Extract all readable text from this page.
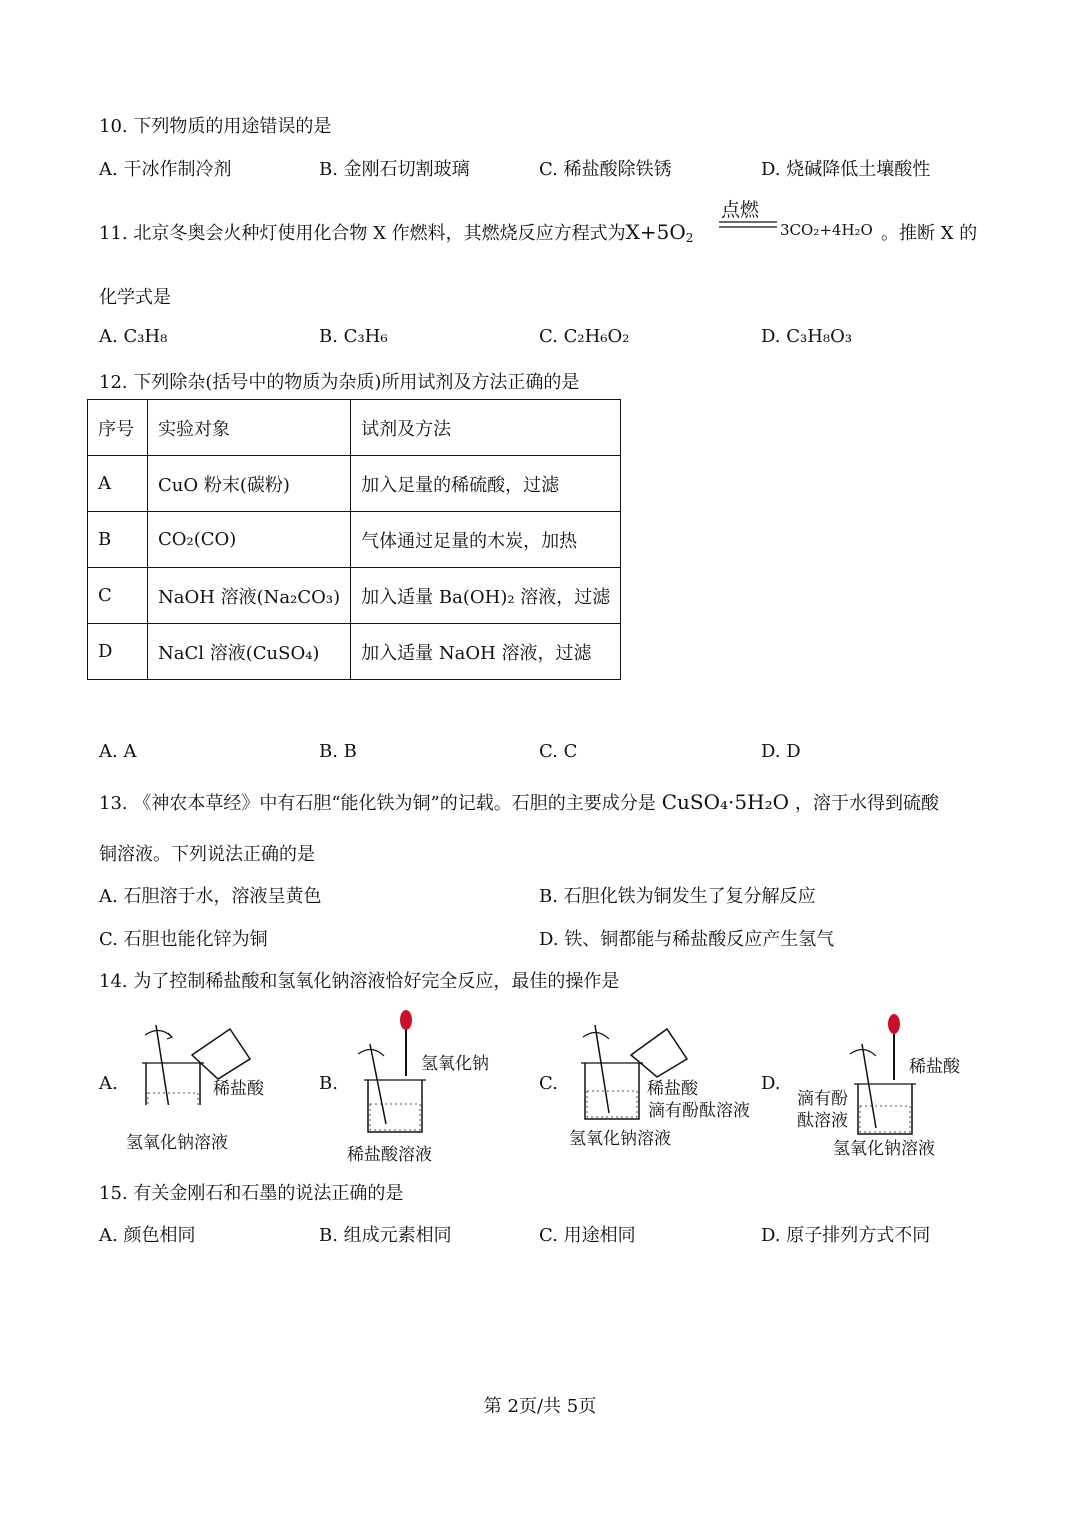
10. 下列物质的用途错误的是
A. 干冰作制冷剂	B. 金刚石切割玻璃	C. 稀盐酸除铁锈	D. 烧碱降低土壤酸性
11. 北京冬奥会火种灯使用化合物 X 作燃料，其燃烧反应方程式为$X+5O_2$
点燃
3CO₂+4H₂O 。推断 X 的
化学式是
A. C₃H₈	B. C₃H₆	C. C₂H₆O₂	D. C₃H₈O₃
12. 下列除杂(括号中的物质为杂质)所用试剂及方法正确的是
序号	实验对象	试剂及方法
A	CuO 粉末(碳粉)	加入足量的稀硫酸，过滤
B	CO₂(CO)	气体通过足量的木炭，加热
C	NaOH 溶液(Na₂CO₃)	加入适量 Ba(OH)₂ 溶液，过滤
D	NaCl 溶液(CuSO₄)	加入适量 NaOH 溶液，过滤
A. A	B. B	C. C	D. D
13. 《神农本草经》中有石胆“能化铁为铜”的记载。石胆的主要成分是 CuSO₄·5H₂O ，溶于水得到硫酸
铜溶液。下列说法正确的是
A. 石胆溶于水，溶液呈黄色	B. 石胆化铁为铜发生了复分解反应
C. 石胆也能化锌为铜	D. 铁、铜都能与稀盐酸反应产生氢气
14. 为了控制稀盐酸和氢氧化钠溶液恰好完全反应，最佳的操作是
A.	稀盐酸
氢氧化钠溶液
B.
氢氧化钠
稀盐酸溶液
C.	稀盐酸
滴有酚酞溶液
氢氧化钠溶液
D.
稀盐酸
滴有酚
酞溶液
氢氧化钠溶液
15. 有关金刚石和石墨的说法正确的是
A. 颜色相同	B. 组成元素相同	C. 用途相同	D. 原子排列方式不同
第 2页/共 5页
